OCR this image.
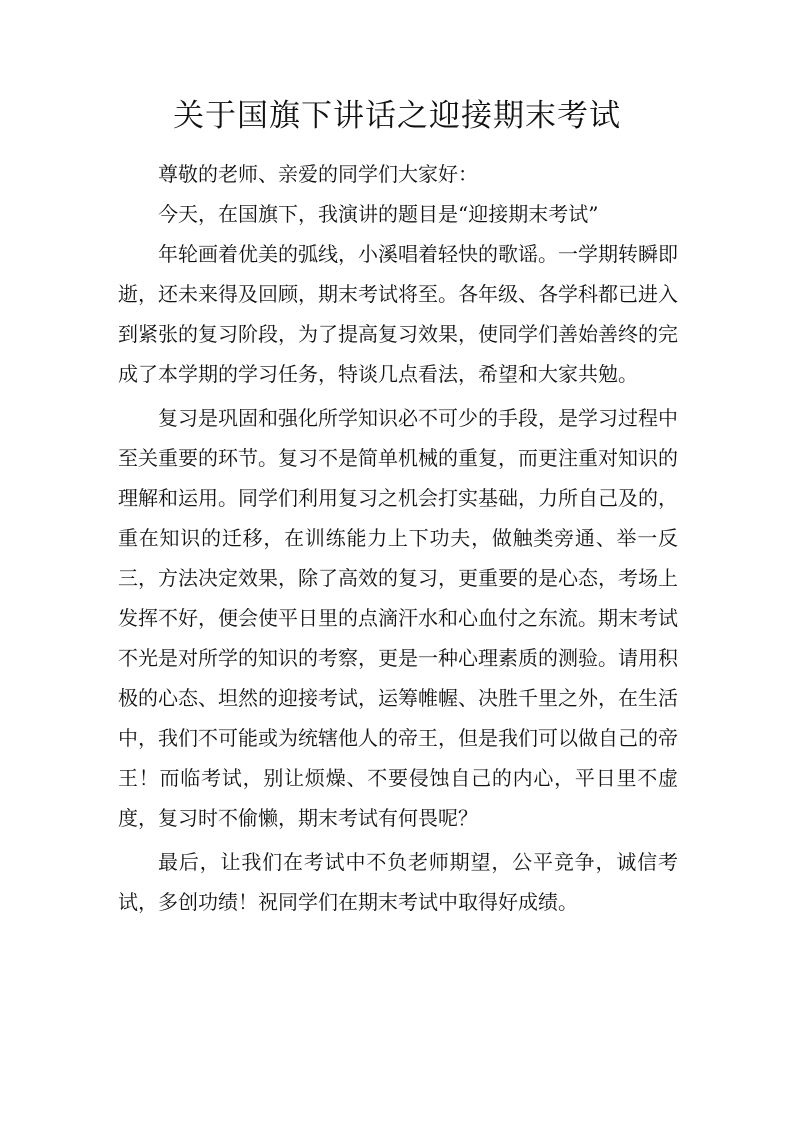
关于国旗下讲话之迎接期末考试

尊敬的老师、亲爱的同学们大家好：

今天，在国旗下，我演讲的题目是“迎接期末考试”

年轮画着优美的弧线，小溪唱着轻快的歌谣。一学期转瞬即逝，还未来得及回顾，期末考试将至。各年级、各学科都已进入到紧张的复习阶段，为了提高复习效果，使同学们善始善终的完成了本学期的学习任务，特谈几点看法，希望和大家共勉。

复习是巩固和强化所学知识必不可少的手段，是学习过程中至关重要的环节。复习不是简单机械的重复，而更注重对知识的理解和运用。同学们利用复习之机会打实基础，力所自己及的，重在知识的迁移，在训练能力上下功夫，做触类旁通、举一反三，方法决定效果，除了高效的复习，更重要的是心态，考场上发挥不好，便会使平日里的点滴汗水和心血付之东流。期末考试不光是对所学的知识的考察，更是一种心理素质的测验。请用积极的心态、坦然的迎接考试，运筹帷幄、决胜千里之外，在生活中，我们不可能或为统辖他人的帝王，但是我们可以做自己的帝王！而临考试，别让烦燥、不要侵蚀自己的内心，平日里不虚度，复习时不偷懒，期末考试有何畏呢？

最后，让我们在考试中不负老师期望，公平竞争，诚信考试，多创功绩！祝同学们在期末考试中取得好成绩。
